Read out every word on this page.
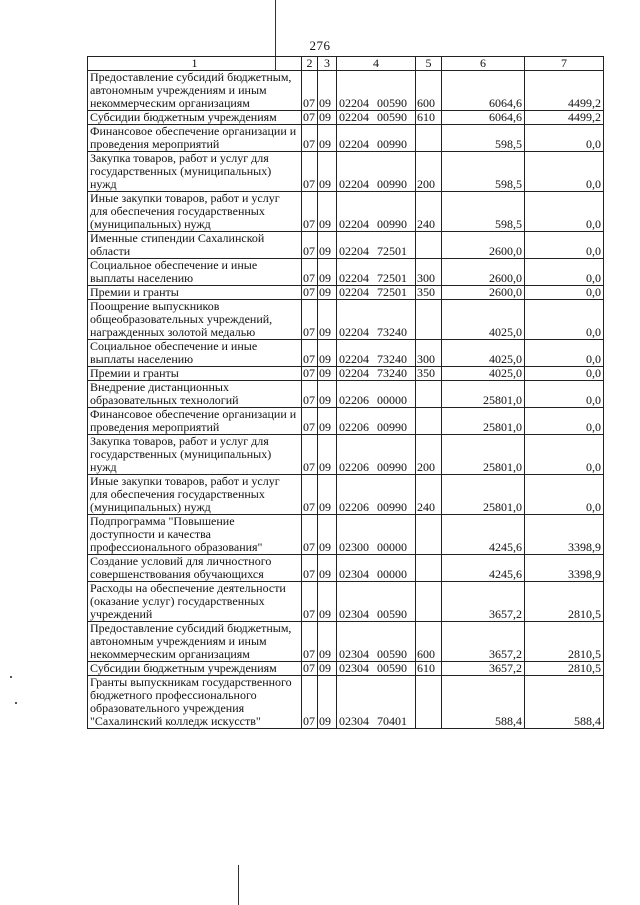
276
1	2	3	4	5	6	7
Предоставление субсидий бюджетным, автономным учреждениям и иным некоммерческим организациям	07	09	02204 00590	600	6064,6	4499,2
Субсидии бюджетным учреждениям	07	09	02204 00590	610	6064,6	4499,2
Финансовое обеспечение организации и проведения мероприятий	07	09	02204 00990		598,5	0,0
Закупка товаров, работ и услуг для государственных (муниципальных) нужд	07	09	02204 00990	200	598,5	0,0
Иные закупки товаров, работ и услуг для обеспечения государственных (муниципальных) нужд	07	09	02204 00990	240	598,5	0,0
Именные стипендии Сахалинской области	07	09	02204 72501		2600,0	0,0
Социальное обеспечение и иные выплаты населению	07	09	02204 72501	300	2600,0	0,0
Премии и гранты	07	09	02204 72501	350	2600,0	0,0
Поощрение выпускников общеобразовательных учреждений, награжденных золотой медалью	07	09	02204 73240		4025,0	0,0
Социальное обеспечение и иные выплаты населению	07	09	02204 73240	300	4025,0	0,0
Премии и гранты	07	09	02204 73240	350	4025,0	0,0
Внедрение дистанционных образовательных технологий	07	09	02206 00000		25801,0	0,0
Финансовое обеспечение организации и проведения мероприятий	07	09	02206 00990		25801,0	0,0
Закупка товаров, работ и услуг для государственных (муниципальных) нужд	07	09	02206 00990	200	25801,0	0,0
Иные закупки товаров, работ и услуг для обеспечения государственных (муниципальных) нужд	07	09	02206 00990	240	25801,0	0,0
Подпрограмма "Повышение доступности и качества профессионального образования"	07	09	02300 00000		4245,6	3398,9
Создание условий для личностного совершенствования обучающихся	07	09	02304 00000		4245,6	3398,9
Расходы на обеспечение деятельности (оказание услуг) государственных учреждений	07	09	02304 00590		3657,2	2810,5
Предоставление субсидий бюджетным, автономным учреждениям и иным некоммерческим организациям	07	09	02304 00590	600	3657,2	2810,5
Субсидии бюджетным учреждениям	07	09	02304 00590	610	3657,2	2810,5
Гранты выпускникам государственного бюджетного профессионального образовательного учреждения "Сахалинский колледж искусств"	07	09	02304 70401		588,4	588,4
